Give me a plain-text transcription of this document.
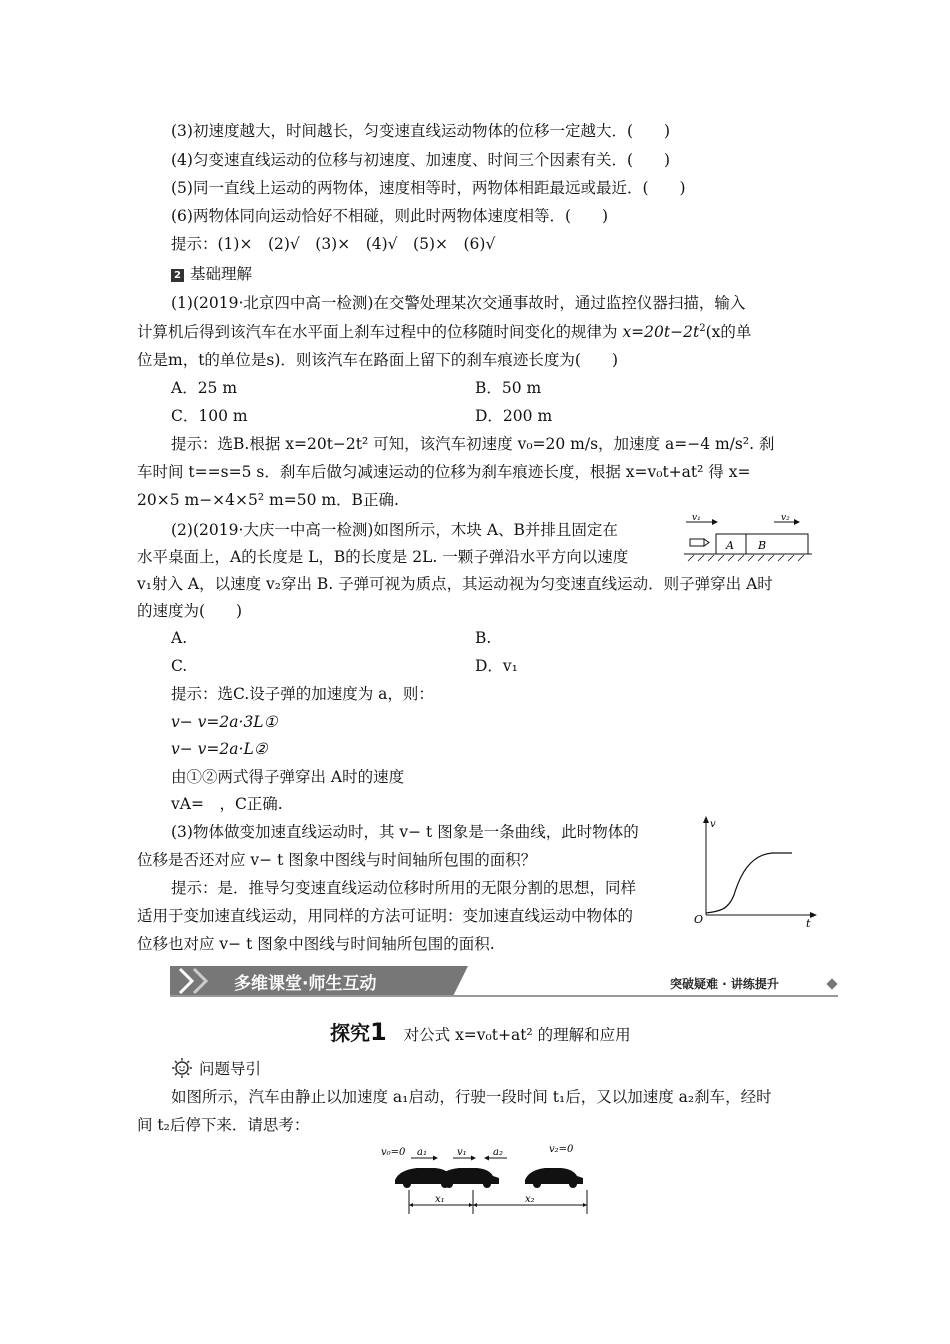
(3)初速度越大，时间越长，匀变速直线运动物体的位移一定越大．(　　)
(4)匀变速直线运动的位移与初速度、加速度、时间三个因素有关．(　　)
(5)同一直线上运动的两物体，速度相等时，两物体相距最远或最近．(　　)
(6)两物体同向运动恰好不相碰，则此时两物体速度相等．(　　)
提示：(1)×　(2)√　(3)×　(4)√　(5)×　(6)√
2 基础理解
(1)(2019·北京四中高一检测)在交警处理某次交通事故时，通过监控仪器扫描，输入
计算机后得到该汽车在水平面上刹车过程中的位移随时间变化的规律为 $x=20t-2t^2(x$的单
位是m，t的单位是s)．则该汽车在路面上留下的刹车痕迹长度为(　　)
A．25 m	B．50 m
C．100 m	D．200 m
提示：选B.根据 x=20t−2t² 可知，该汽车初速度 v₀=20 m/s，加速度 a=−4 m/s². 刹
车时间 t==s=5 s．刹车后做匀减速运动的位移为刹车痕迹长度，根据 x=v₀t+at² 得 x=
20×5 m−×4×5² m=50 m．B正确.
(2)(2019·大庆一中高一检测)如图所示，木块 A、B并排且固定在
水平桌面上，A的长度是 L，B的长度是 2L. 一颗子弹沿水平方向以速度
v₁射入 A，以速度 v₂穿出 B. 子弹可视为质点，其运动视为匀变速直线运动．则子弹穿出 A时
的速度为(　　)
A.	B.
C.	D．v₁
提示：选C.设子弹的加速度为 a，则：
v− v=2a·3L①
v− v=2a·L②
由①②两式得子弹穿出 A时的速度
vA=　，C正确.
v₁	v₂
A B
(3)物体做变加速直线运动时，其 v− t 图象是一条曲线，此时物体的
位移是否还对应 v− t 图象中图线与时间轴所包围的面积？
提示：是．推导匀变速直线运动位移时所用的无限分割的思想，同样
适用于变加速直线运动，用同样的方法可证明：变加速直线运动中物体的
位移也对应 v− t 图象中图线与时间轴所包围的面积.
v
t
O
多维课堂·师生互动	突破疑难 · 讲练提升
探究1 对公式 x=v₀t+at² 的理解和应用
问题导引
如图所示，汽车由静止以加速度 a₁启动，行驶一段时间 t₁后，又以加速度 a₂刹车，经时
间 t₂后停下来．请思考：
v₀=0 a₁	v₁	a₂	v₂=0
x₁	x₂
